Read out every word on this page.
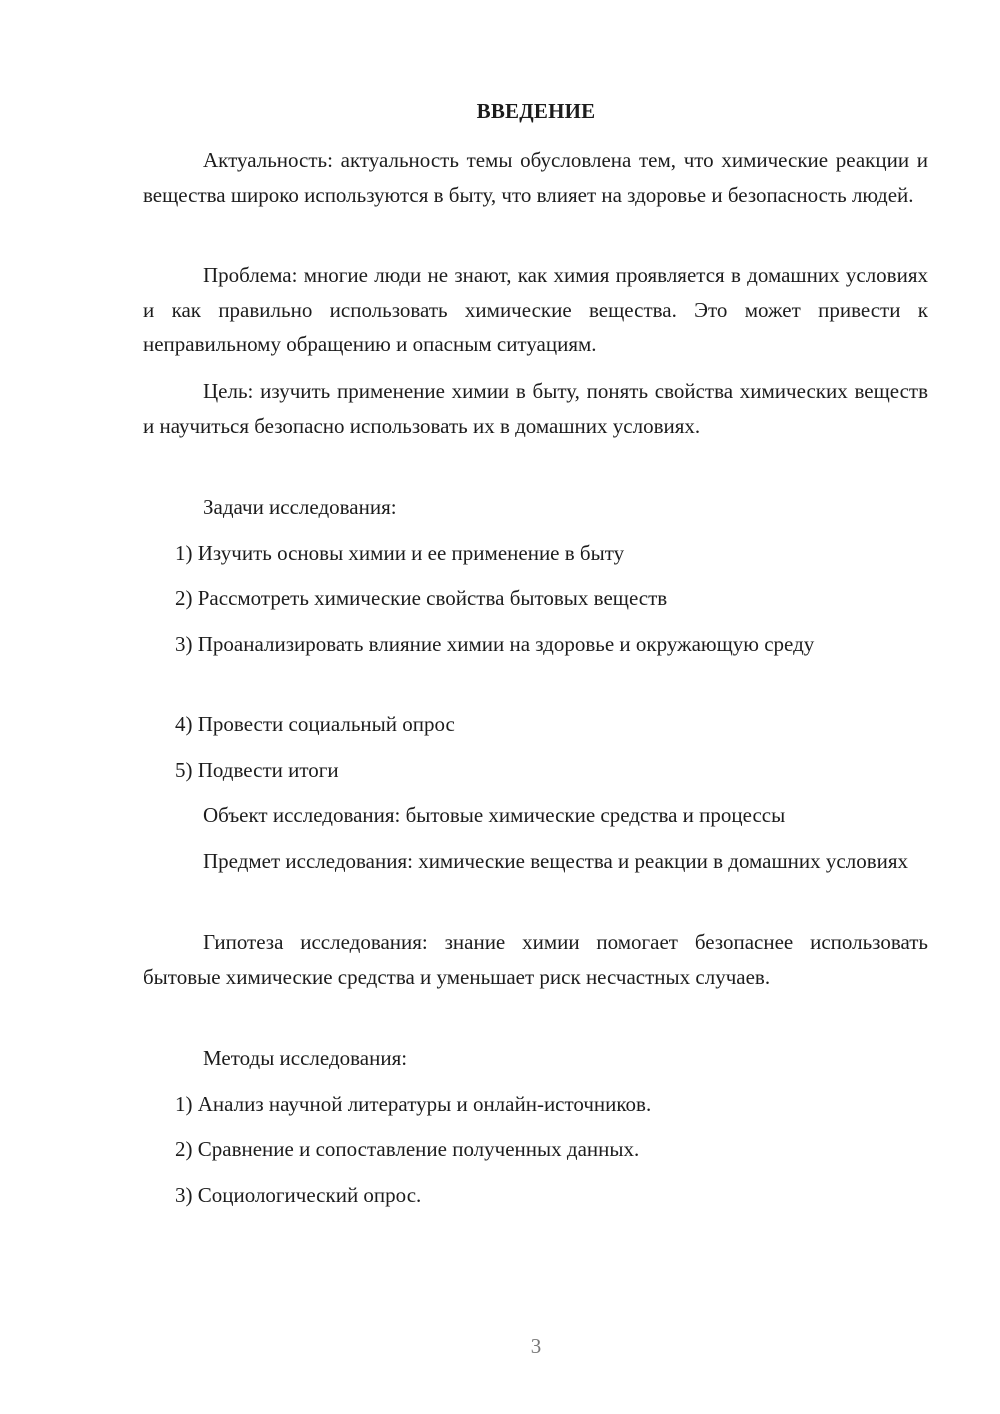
ВВЕДЕНИЕ
Актуальность: актуальность темы обусловлена тем, что химические реакции и вещества широко используются в быту, что влияет на здоровье и безопасность людей.
Проблема: многие люди не знают, как химия проявляется в домашних условиях и как правильно использовать химические вещества. Это может привести к неправильному обращению и опасным ситуациям.
Цель: изучить применение химии в быту, понять свойства химических веществ и научиться безопасно использовать их в домашних условиях.
Задачи исследования:
1) Изучить основы химии и ее применение в быту
2) Рассмотреть химические свойства бытовых веществ
3) Проанализировать влияние химии на здоровье и окружающую среду
4) Провести социальный опрос
5) Подвести итоги
Объект исследования: бытовые химические средства и процессы
Предмет исследования: химические вещества и реакции в домашних условиях
Гипотеза исследования: знание химии помогает безопаснее использовать бытовые химические средства и уменьшает риск несчастных случаев.
Методы исследования:
1) Анализ научной литературы и онлайн-источников.
2) Сравнение и сопоставление полученных данных.
3) Социологический опрос.
3
